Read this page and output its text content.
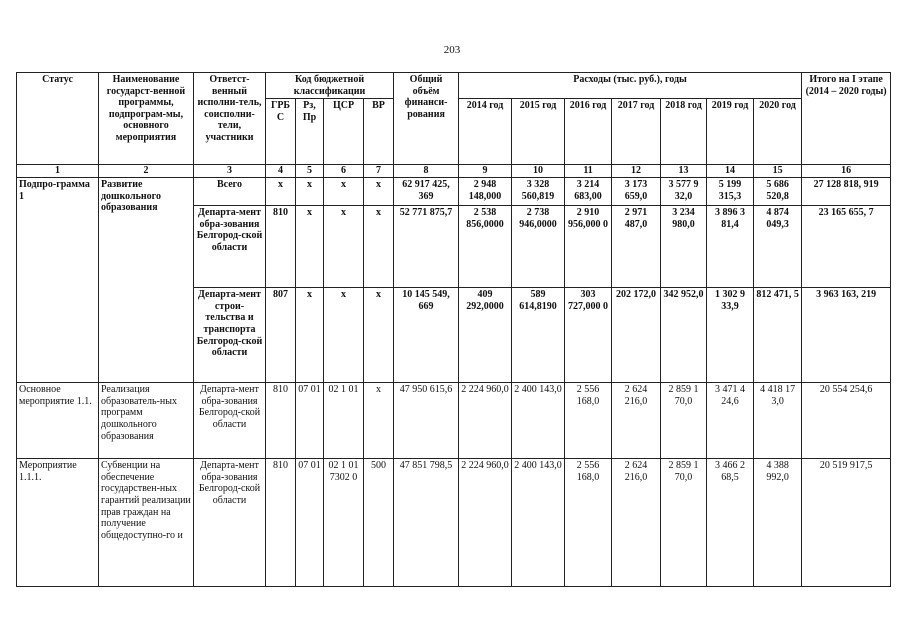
203
Статус	Наименование государст-венной программы, подпрограм-мы, основного мероприятия	Ответст-венный исполни-тель, соисполни-тели, участники	Код бюджетной классификации				Общий объём финанси-рования	Расходы (тыс. руб.), годы							Итого на I этапе (2014 – 2020 годы)
			ГРБ С	Рз, Пр	ЦСР	ВР		2014 год	2015 год	2016 год	2017 год	2018 год	2019 год	2020 год	
1	2	3	4	5	6	7	8	9	10	11	12	13	14	15	16
Подпро-грамма 1	Развитие дошкольного образования	Всего	х	х	х	х	62 917 425, 369	2 948 148,000	3 328 560,819	3 214 683,00	3 173 659,0	3 577 9 32,0	5 199 315,3	5 686 520,8	27 128 818, 919
		Департа-мент обра-зования Белгород-ской области	810	х	х	х	52 771 875,7	2 538 856,0000	2 738 946,0000	2 910 956,000 0	2 971 487,0	3 234 980,0	3 896 3 81,4	4 874 049,3	23 165 655, 7
		Департа-мент строи-тельства и транспорта Белгород-ской области	807	х	х	х	10 145 549, 669	409 292,0000	589 614,8190	303 727,000 0	202 172,0	342 952,0	1 302 9 33,9	812 471, 5	3 963 163, 219
Основное мероприятие 1.1.	Реализация образователь-ных программ дошкольного образования	Департа-мент обра-зования Белгород-ской области	810	07 01	02 1 01	х	47 950 615,6	2 224 960,0	2 400 143,0	2 556 168,0	2 624 216,0	2 859 1 70,0	3 471 4 24,6	4 418 17 3,0	20 554 254,6
Мероприятие 1.1.1.	Субвенции на обеспечение государствен-ных гарантий реализации прав граждан на получение общедоступно-го и	Департа-мент обра-зования Белгород-ской области	810	07 01	02 1 01 7302 0	500	47 851 798,5	2 224 960,0	2 400 143,0	2 556 168,0	2 624 216,0	2 859 1 70,0	3 466 2 68,5	4 388 992,0	20 519 917,5
